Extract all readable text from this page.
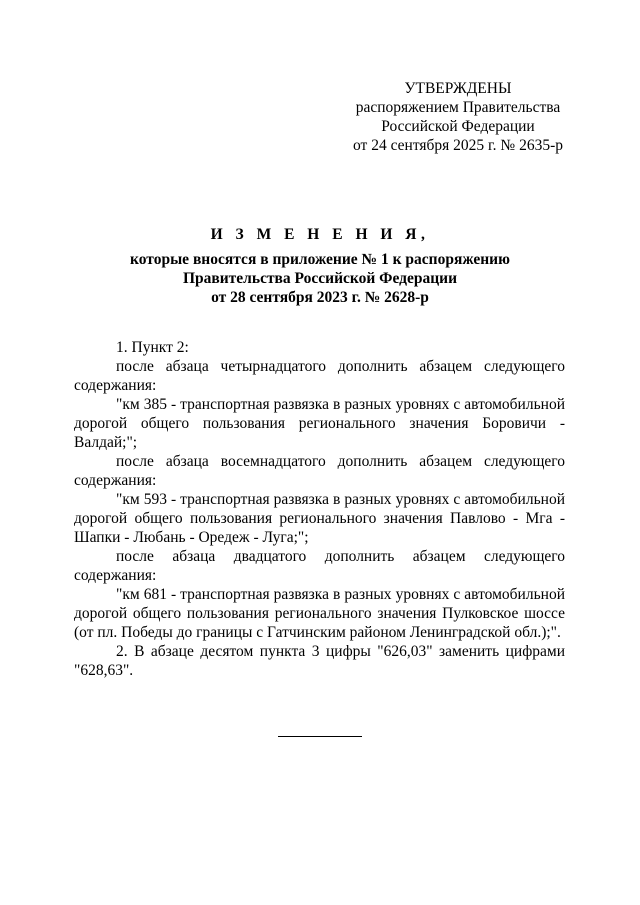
УТВЕРЖДЕНЫ
распоряжением Правительства
Российской Федерации
от 24 сентября 2025 г. № 2635-р
И З М Е Н Е Н И Я,
которые вносятся в приложение № 1 к распоряжению
Правительства Российской Федерации
от 28 сентября 2023 г. № 2628-р

1. Пункт 2:

после абзаца четырнадцатого дополнить абзацем следующего содержания:

"км 385 - транспортная развязка в разных уровнях с автомобильной дорогой общего пользования регионального значения Боровичи - Валдай;";

после абзаца восемнадцатого дополнить абзацем следующего содержания:

"км 593 - транспортная развязка в разных уровнях с автомобильной дорогой общего пользования регионального значения Павлово - Мга - Шапки - Любань - Оредеж - Луга;";

после абзаца двадцатого дополнить абзацем следующего содержания:

"км 681 - транспортная развязка в разных уровнях с автомобильной дорогой общего пользования регионального значения Пулковское шоссе (от пл. Победы до границы с Гатчинским районом Ленинградской обл.);".

2. В абзаце десятом пункта 3 цифры "626,03" заменить цифрами "628,63".
